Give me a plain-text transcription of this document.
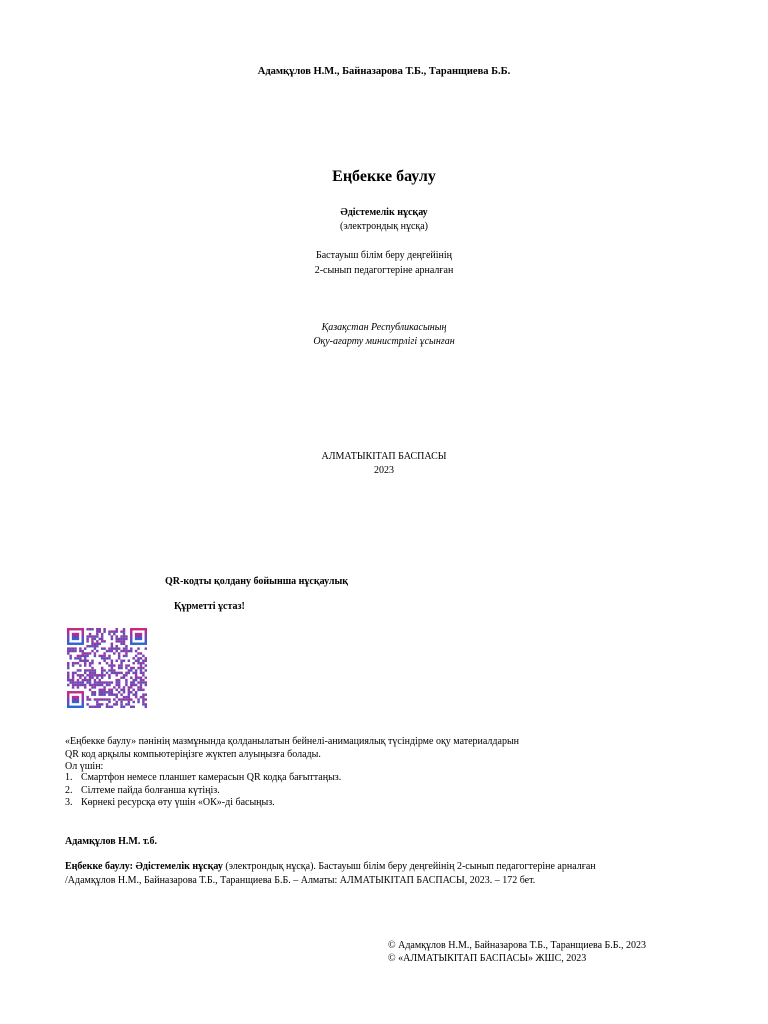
Адамқұлов Н.М., Байназарова Т.Б., Таранщиева Б.Б.
Еңбекке баулу
Әдістемелік нұсқау
(электрондық нұсқа)
Бастауыш білім беру деңгейінің
2-сынып педагогтеріне арналған
Қазақстан Республикасының
Оқу-ағарту министрлігі ұсынған
АЛМАТЫКІТАП БАСПАСЫ
2023
QR-кодты қолдану бойынша нұсқаулық
Құрметті ұстаз!
«Еңбекке баулу» пәнінің мазмұнында қолданылатын бейнелі-анимациялық түсіндірме оқу материалдарын
QR код арқылы компьютеріңізге жүктеп алуыңызға болады.
Ол үшін:
1. Смартфон немесе планшет камерасын QR кодқа бағыттаңыз.
2. Сілтеме пайда болғанша күтіңіз.
3. Көрнекі ресурсқа өту үшін «ОК»-ді басыңыз.
Адамқұлов Н.М. т.б.
Еңбекке баулу: Әдістемелік нұсқау (электрондық нұсқа). Бастауыш білім беру деңгейінің 2-сынып педагогтеріне арналған
/Адамқұлов Н.М., Байназарова Т.Б., Таранщиева Б.Б. – Алматы: АЛМАТЫКІТАП БАСПАСЫ, 2023. – 172 бет.
© Адамқұлов Н.М., Байназарова Т.Б., Таранщиева Б.Б., 2023
© «АЛМАТЫКІТАП БАСПАСЫ» ЖШС, 2023
